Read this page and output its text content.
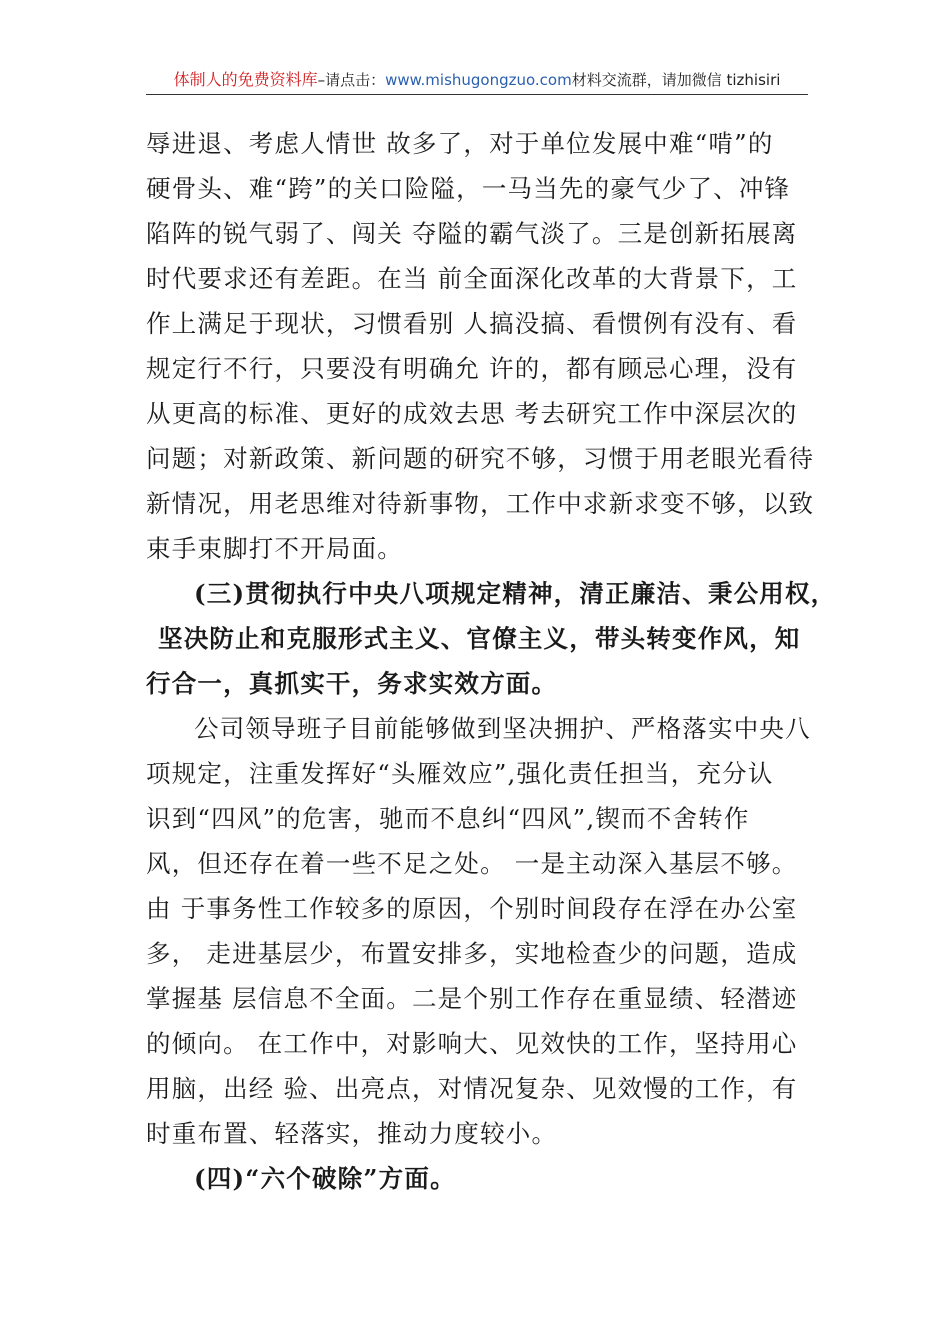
体制人的免费资料库–请点击：www.mishugongzuo.com材料交流群，请加微信 tizhisiri
辱进退、考虑人情世 故多了，对于单位发展中难“啃”的
硬骨头、难“跨”的关口险隘，一马当先的豪气少了、冲锋
陷阵的锐气弱了、闯关 夺隘的霸气淡了。三是创新拓展离
时代要求还有差距。在当 前全面深化改革的大背景下，工
作上满足于现状，习惯看别 人搞没搞、看惯例有没有、看
规定行不行，只要没有明确允 许的，都有顾忌心理，没有
从更高的标准、更好的成效去思 考去研究工作中深层次的
问题；对新政策、新问题的研究不够，习惯于用老眼光看待
新情况，用老思维对待新事物，工作中求新求变不够，以致
束手束脚打不开局面。
(三)贯彻执行中央八项规定精神，清正廉洁、秉公用权，
坚决防止和克服形式主义、官僚主义，带头转变作风，知
行合一，真抓实干，务求实效方面。
公司领导班子目前能够做到坚决拥护、严格落实中央八
项规定，注重发挥好“头雁效应”,强化责任担当，充分认
识到“四风”的危害，驰而不息纠“四风”,锲而不舍转作
风，但还存在着一些不足之处。 一是主动深入基层不够。
由 于事务性工作较多的原因，个别时间段存在浮在办公室
多， 走进基层少，布置安排多，实地检查少的问题，造成
掌握基 层信息不全面。二是个别工作存在重显绩、轻潜迹
的倾向。 在工作中，对影响大、见效快的工作，坚持用心
用脑，出经 验、出亮点，对情况复杂、见效慢的工作，有
时重布置、轻落实，推动力度较小。
(四)“六个破除”方面。
